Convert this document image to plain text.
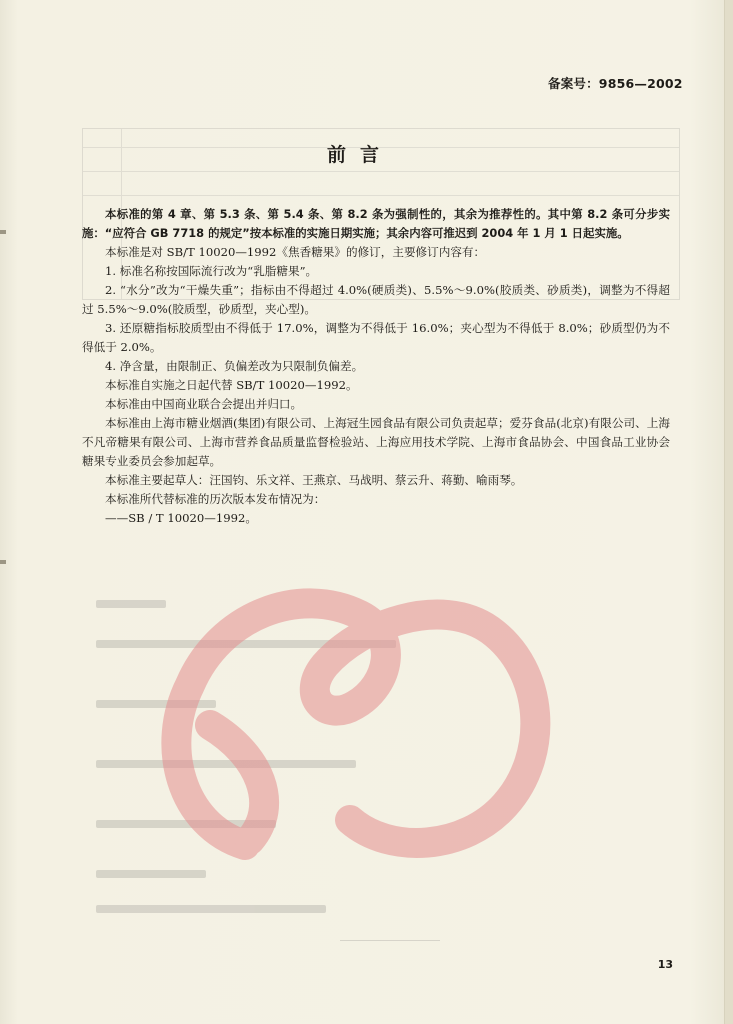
备案号：9856—2002
前言

本标准的第 4 章、第 5.3 条、第 5.4 条、第 8.2 条为强制性的，其余为推荐性的。其中第 8.2 条可分步实施：“应符合 GB 7718 的规定”按本标准的实施日期实施；其余内容可推迟到 2004 年 1 月 1 日起实施。

本标准是对 SB/T 10020—1992《焦香糖果》的修订，主要修订内容有：

1. 标准名称按国际流行改为“乳脂糖果”。

2. “水分”改为“干燥失重”；指标由不得超过 4.0%(硬质类)、5.5%～9.0%(胶质类、砂质类)，调整为不得超过 5.5%～9.0%(胶质型，砂质型，夹心型)。

3. 还原糖指标胶质型由不得低于 17.0%，调整为不得低于 16.0%；夹心型为不得低于 8.0%；砂质型仍为不得低于 2.0%。

4. 净含量，由限制正、负偏差改为只限制负偏差。

本标准自实施之日起代替 SB/T 10020—1992。

本标准由中国商业联合会提出并归口。

本标准由上海市糖业烟酒(集团)有限公司、上海冠生园食品有限公司负责起草；爱芬食品(北京)有限公司、上海不凡帝糖果有限公司、上海市营养食品质量监督检验站、上海应用技术学院、上海市食品协会、中国食品工业协会糖果专业委员会参加起草。

本标准主要起草人：汪国钧、乐文祥、王燕京、马战明、蔡云升、蒋勤、喻雨琴。

本标准所代替标准的历次版本发布情况为：

——SB / T 10020—1992。

13
